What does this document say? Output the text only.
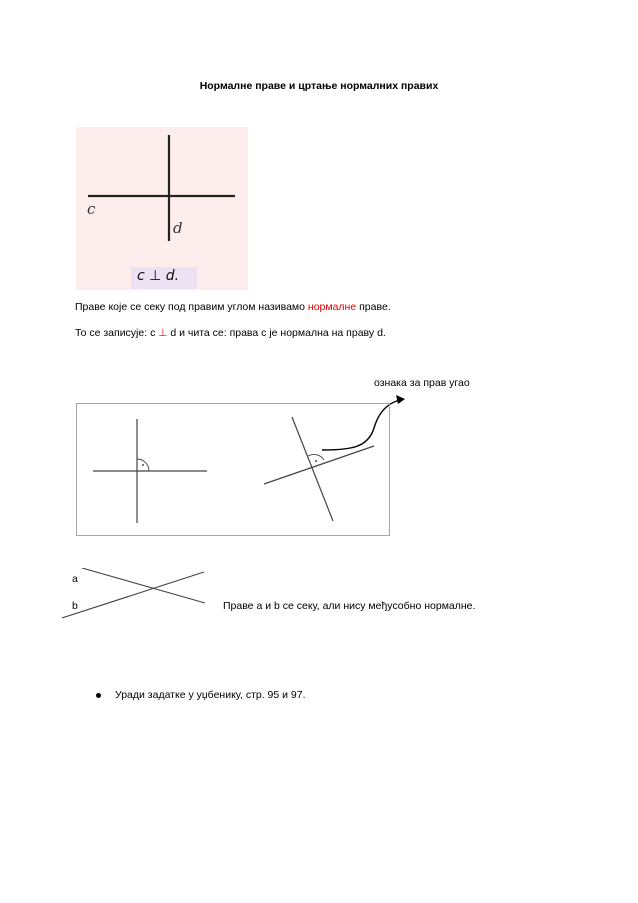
Нормалне праве и цртање нормалних правих
c
d
c ⊥ d.
Праве које се секу под правим углом називамо нормалне праве.
То се записује: c ⊥ d и чита се: права c је нормална на праву d.
ознака за прав угао
a
b	Праве a и b се секу, али нису међусобно нормалне.
Уради задатке у уџбенику, стр. 95 и 97.
